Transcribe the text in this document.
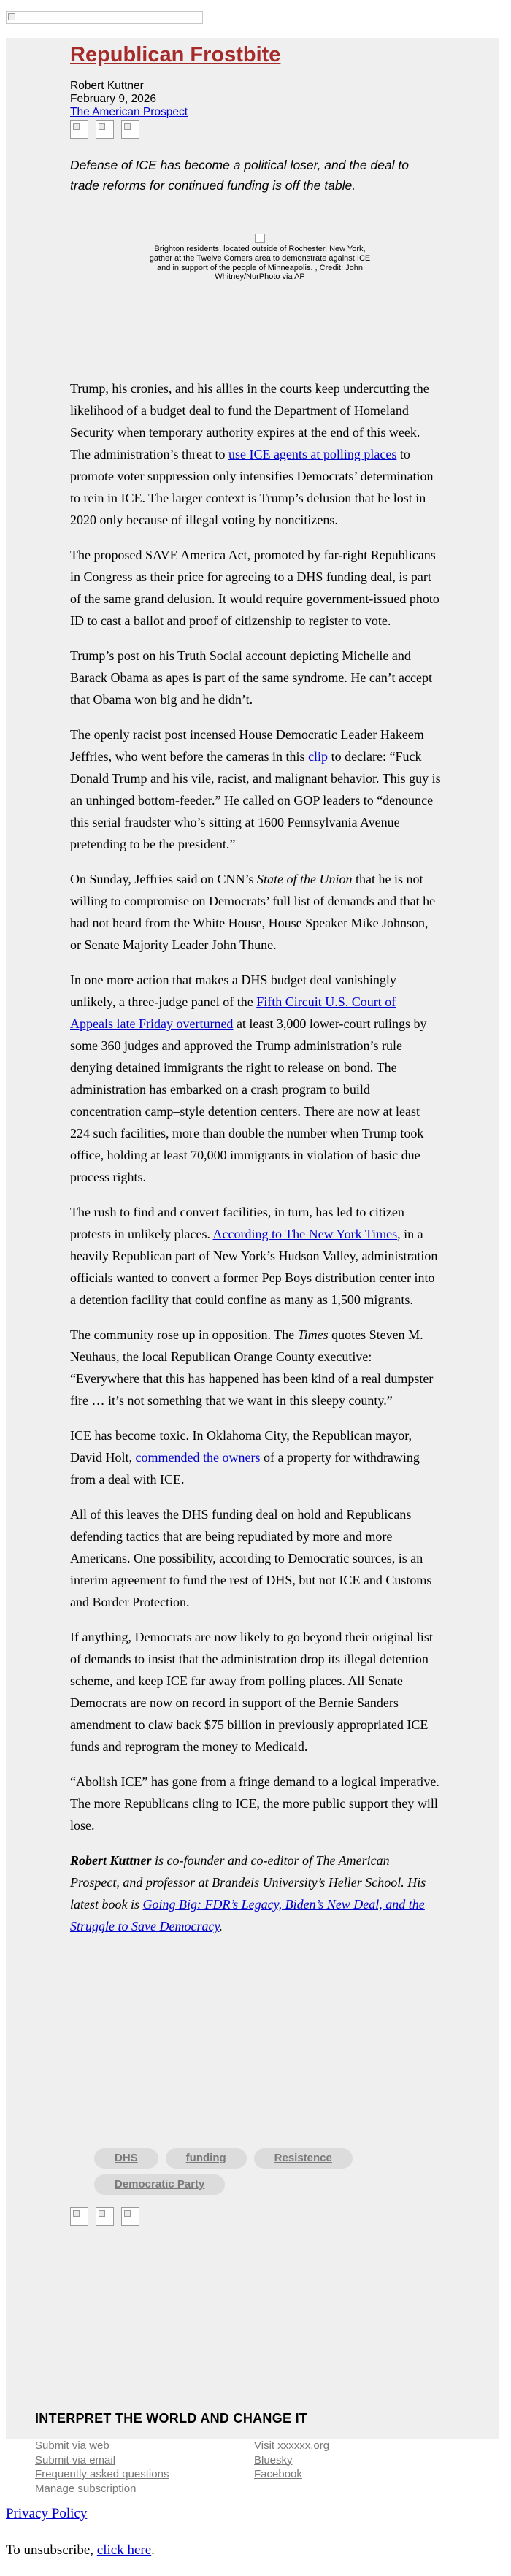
Republican Frostbite
Robert Kuttner
February 9, 2026
The American Prospect
Defense of ICE has become a political loser, and the deal to trade reforms for continued funding is off the table.
Brighton residents, located outside of Rochester, New York, gather at the Twelve Corners area to demonstrate against ICE and in support of the people of Minneapolis. , Credit: John Whitney/NurPhoto via AP

Trump, his cronies, and his allies in the courts keep undercutting the likelihood of a budget deal to fund the Department of Homeland Security when temporary authority expires at the end of this week. The administration’s threat to use ICE agents at polling places to promote voter suppression only intensifies Democrats’ determination to rein in ICE. The larger context is Trump’s delusion that he lost in 2020 only because of illegal voting by noncitizens.

The proposed SAVE America Act, promoted by far-right Republicans in Congress as their price for agreeing to a DHS funding deal, is part of the same grand delusion. It would require government-issued photo ID to cast a ballot and proof of citizenship to register to vote.

Trump’s post on his Truth Social account depicting Michelle and Barack Obama as apes is part of the same syndrome. He can’t accept that Obama won big and he didn’t.

The openly racist post incensed House Democratic Leader Hakeem Jeffries, who went before the cameras in this clip to declare: “Fuck Donald Trump and his vile, racist, and malignant behavior. This guy is an unhinged bottom-feeder.” He called on GOP leaders to “denounce this serial fraudster who’s sitting at 1600 Pennsylvania Avenue pretending to be the president.”

On Sunday, Jeffries said on CNN’s State of the Union that he is not willing to compromise on Democrats’ full list of demands and that he had not heard from the White House, House Speaker Mike Johnson, or Senate Majority Leader John Thune.

In one more action that makes a DHS budget deal vanishingly unlikely, a three-judge panel of the Fifth Circuit U.S. Court of Appeals late Friday overturned at least 3,000 lower-court rulings by some 360 judges and approved the Trump administration’s rule denying detained immigrants the right to release on bond. The administration has embarked on a crash program to build concentration camp–style detention centers. There are now at least 224 such facilities, more than double the number when Trump took office, holding at least 70,000 immigrants in violation of basic due process rights.

The rush to find and convert facilities, in turn, has led to citizen protests in unlikely places. According to The New York Times, in a heavily Republican part of New York’s Hudson Valley, administration officials wanted to convert a former Pep Boys distribution center into a detention facility that could confine as many as 1,500 migrants.

The community rose up in opposition. The Times quotes Steven M. Neuhaus, the local Republican Orange County executive: “Everywhere that this has happened has been kind of a real dumpster fire … it’s not something that we want in this sleepy county.”

ICE has become toxic. In Oklahoma City, the Republican mayor, David Holt, commended the owners of a property for withdrawing from a deal with ICE.

All of this leaves the DHS funding deal on hold and Republicans defending tactics that are being repudiated by more and more Americans. One possibility, according to Democratic sources, is an interim agreement to fund the rest of DHS, but not ICE and Customs and Border Protection.

If anything, Democrats are now likely to go beyond their original list of demands to insist that the administration drop its illegal detention scheme, and keep ICE far away from polling places. All Senate Democrats are now on record in support of the Bernie Sanders amendment to claw back $75 billion in previously appropriated ICE funds and reprogram the money to Medicaid.

“Abolish ICE” has gone from a fringe demand to a logical imperative. The more Republicans cling to ICE, the more public support they will lose.

Robert Kuttner is co-founder and co-editor of The American Prospect, and professor at Brandeis University’s Heller School. His latest book is Going Big: FDR’s Legacy, Biden’s New Deal, and the Struggle to Save Democracy.

DHS	funding	Resistence
Democratic Party
INTERPRET THE WORLD AND CHANGE IT
Submit via web
Submit via email
Frequently asked questions
Manage subscription
Visit xxxxxx.org
Bluesky
Facebook
Privacy Policy
To unsubscribe, click here.
